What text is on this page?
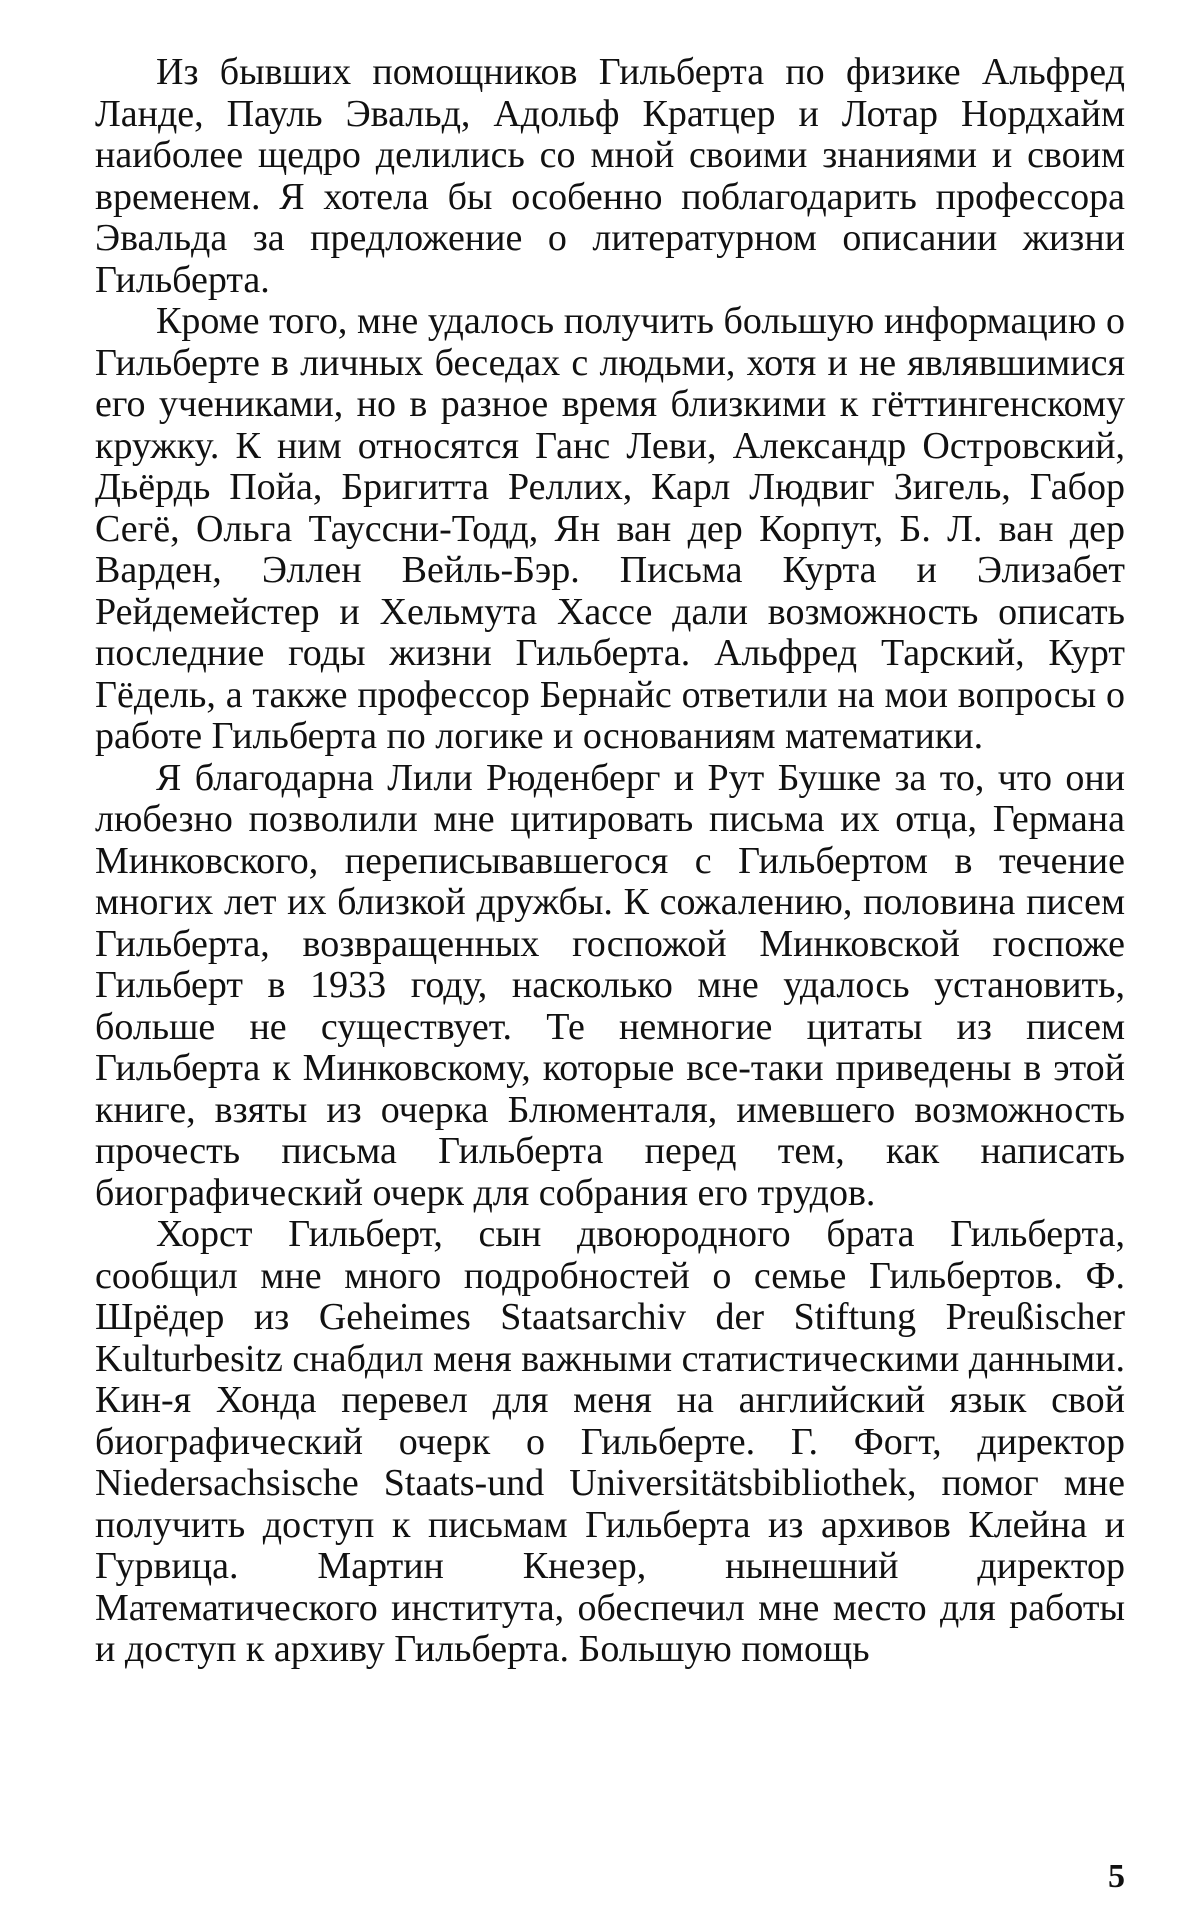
Из бывших помощников Гильберта по физике Альфред Ланде, Пауль Эвальд, Адольф Кратцер и Лотар Нордхайм наиболее щедро делились со мной своими знаниями и своим временем. Я хотела бы особенно поблагодарить профессора Эвальда за предложение о литературном описании жизни Гильберта.

Кроме того, мне удалось получить большую информацию о Гильберте в личных беседах с людьми, хотя и не являвшимися его учениками, но в разное время близкими к гёттингенскому кружку. К ним относятся Ганс Леви, Александр Островский, Дьёрдь Пойа, Бригитта Реллих, Карл Людвиг Зигель, Габор Сегё, Ольга Тауссни-Тодд, Ян ван дер Корпут, Б. Л. ван дер Варден, Эллен Вейль-Бэр. Письма Курта и Элизабет Рейдемейстер и Хельмута Хассе дали возможность описать последние годы жизни Гильберта. Альфред Тарский, Курт Гёдель, а также профессор Бернайс ответили на мои вопросы о работе Гильберта по логике и основаниям математики.

Я благодарна Лили Рюденберг и Рут Бушке за то, что они любезно позволили мне цитировать письма их отца, Германа Минковского, переписывавшегося с Гильбертом в течение многих лет их близкой дружбы. К сожалению, половина писем Гильберта, возвращенных госпожой Минковской госпоже Гильберт в 1933 году, насколько мне удалось установить, больше не существует. Те немногие цитаты из писем Гильберта к Минковскому, которые все-таки приведены в этой книге, взяты из очерка Блюменталя, имевшего возможность прочесть письма Гильберта перед тем, как написать биографический очерк для собрания его трудов.

Хорст Гильберт, сын двоюродного брата Гильберта, сообщил мне много подробностей о семье Гильбертов. Ф. Шрёдер из Geheimes Staatsarchiv der Stiftung Preußischer Kulturbesitz снабдил меня важными статистическими данными. Кин-я Хонда перевел для меня на английский язык свой биографический очерк о Гильберте. Г. Фогт, директор Niedersachsische Staats-und Universitätsbibliothek, помог мне получить доступ к письмам Гильберта из архивов Клейна и Гурвица. Мартин Кнезер, нынешний директор Математического института, обеспечил мне место для работы и доступ к архиву Гильберта. Большую помощь

5
